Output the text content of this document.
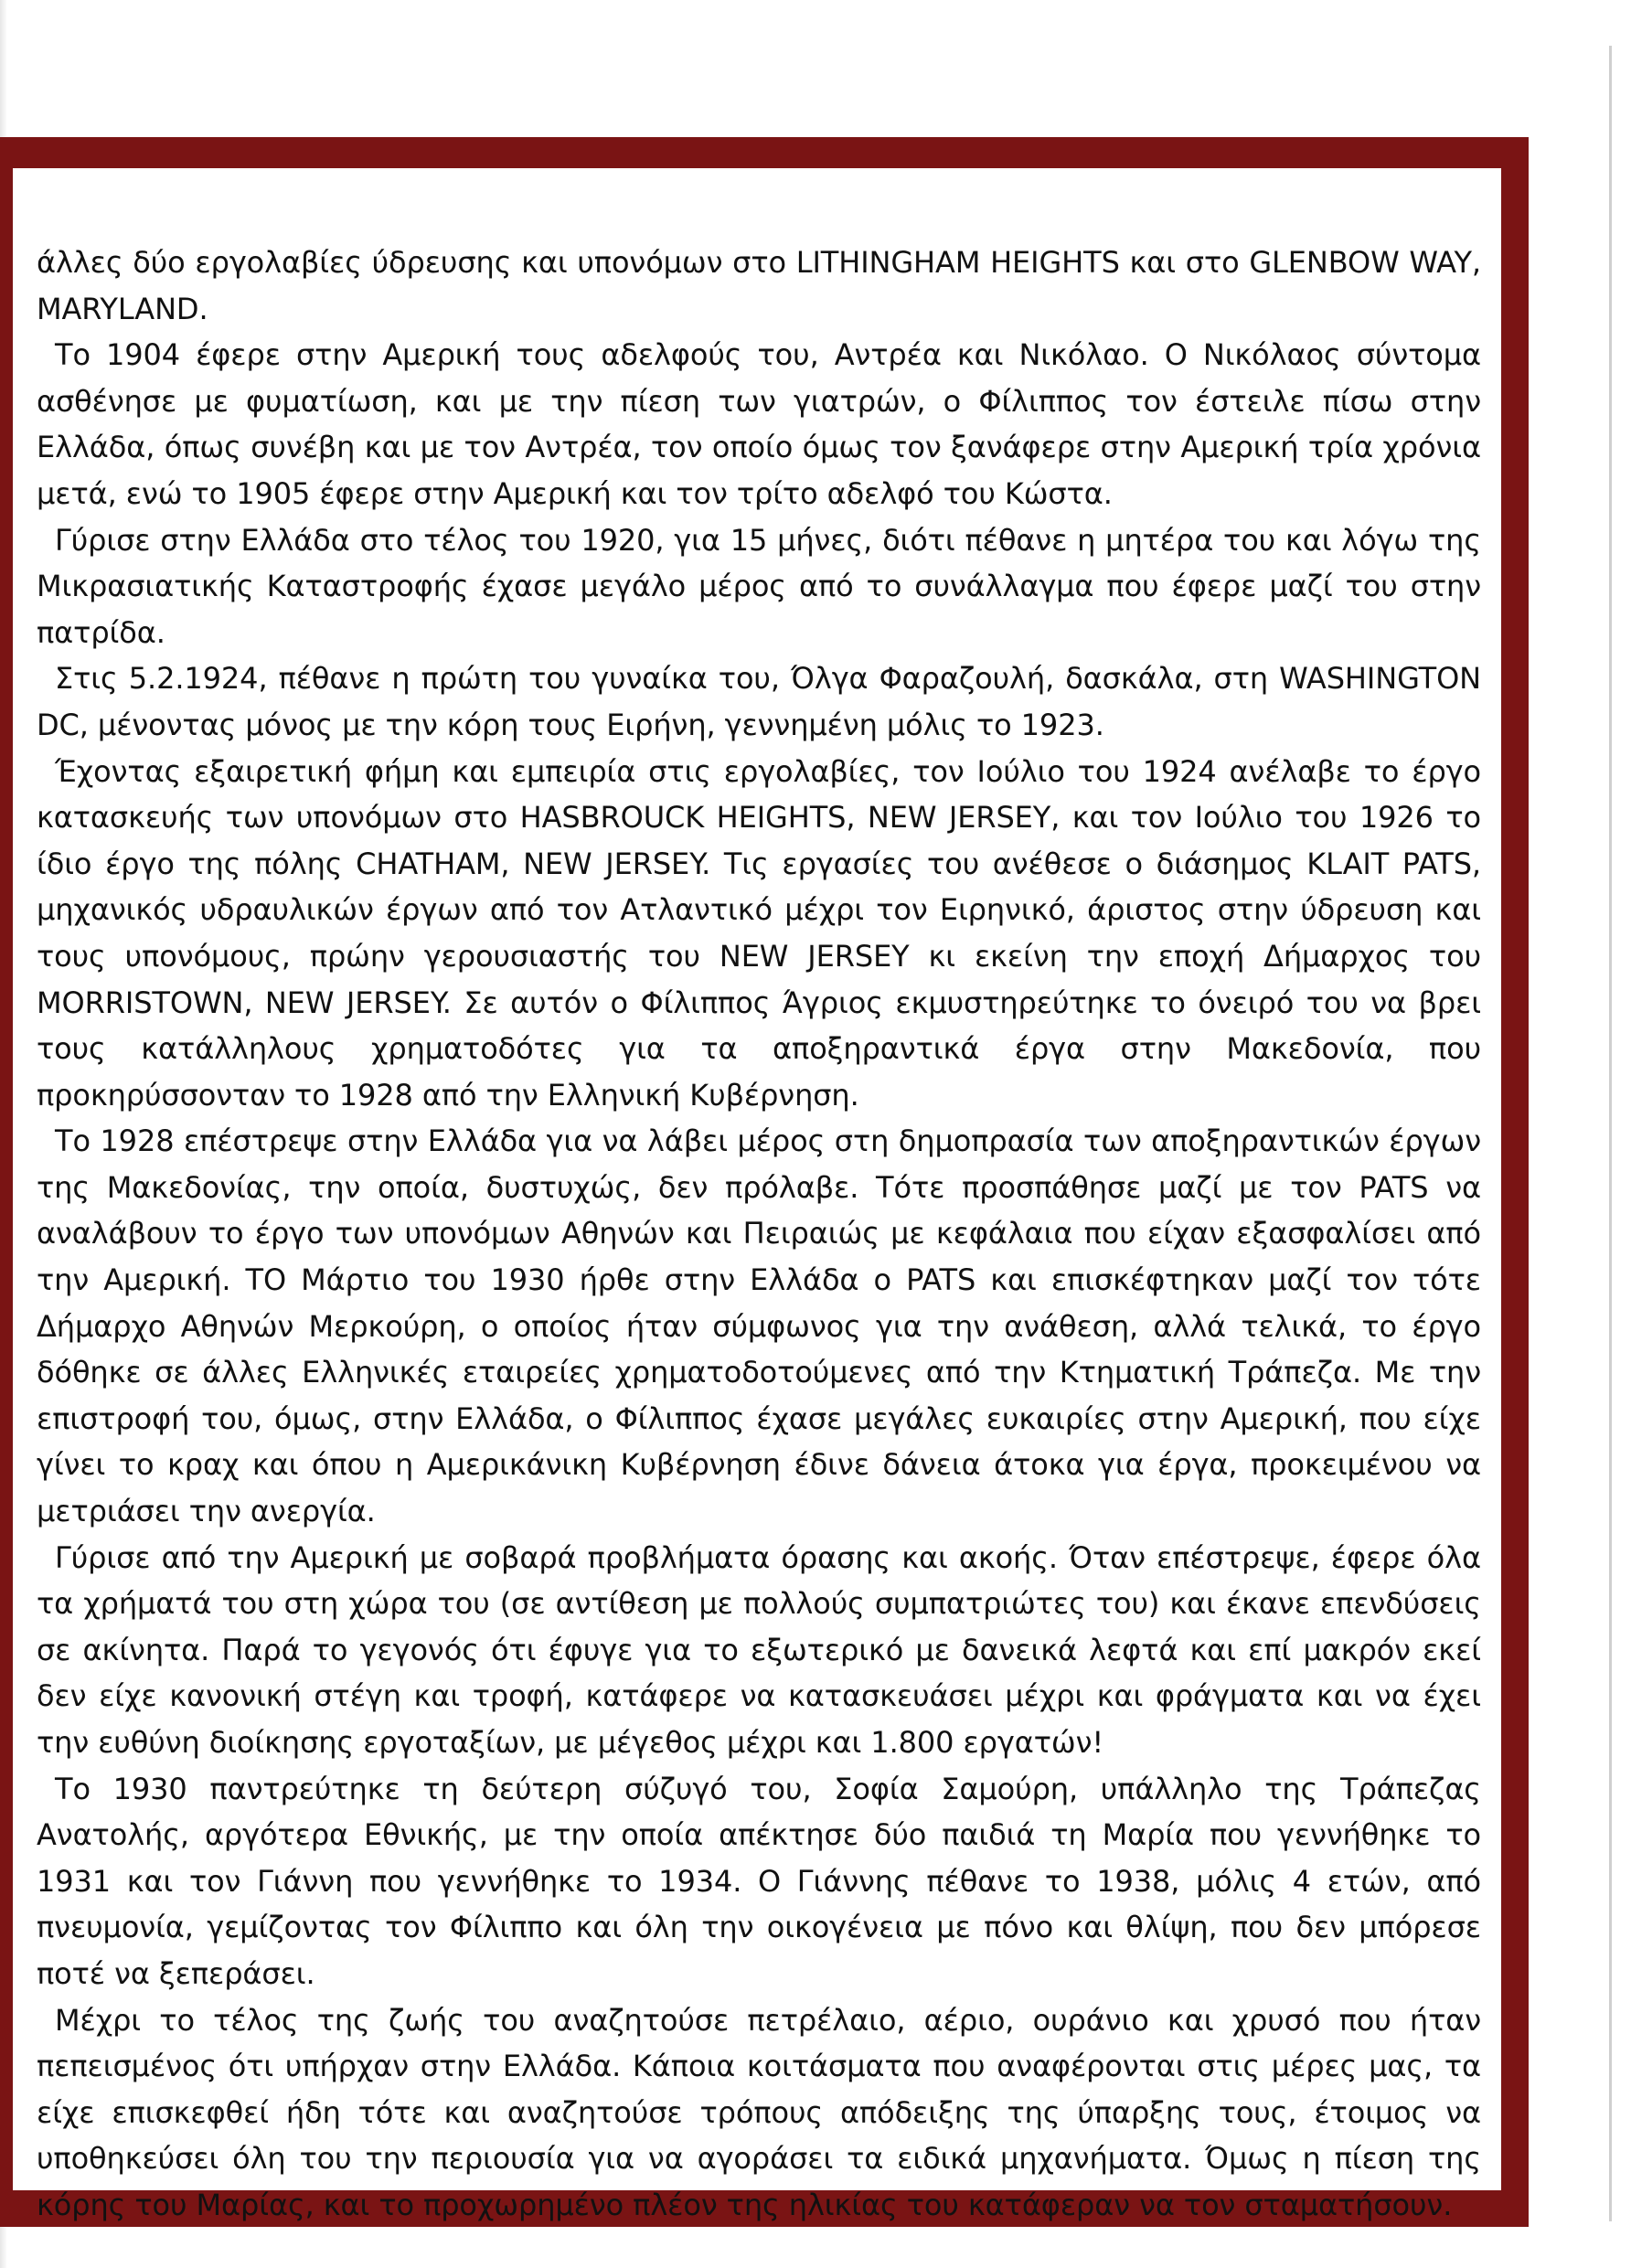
άλλες δύο εργολαβίες ύδρευσης και υπονόμων στο LITHINGHAM HEIGHTS και στο GLENBOW WAY, MARYLAND.

Το 1904 έφερε στην Αμερική τους αδελφούς του, Αντρέα και Νικόλαο. Ο Νικόλαος σύντομα ασθένησε με φυματίωση, και με την πίεση των γιατρών, ο Φίλιππος τον έστειλε πίσω στην Ελλάδα, όπως συνέβη και με τον Αντρέα, τον οποίο όμως τον ξανάφερε στην Αμερική τρία χρόνια μετά, ενώ το 1905 έφερε στην Αμερική και τον τρίτο αδελφό του Κώστα.

Γύρισε στην Ελλάδα στο τέλος του 1920, για 15 μήνες, διότι πέθανε η μητέρα του και λόγω της Μικρασιατικής Καταστροφής έχασε μεγάλο μέρος από το συνάλλαγμα που έφερε μαζί του στην πατρίδα.

Στις 5.2.1924, πέθανε η πρώτη του γυναίκα του, Όλγα Φαραζουλή, δασκάλα, στη WASHINGTON DC, μένοντας μόνος με την κόρη τους Ειρήνη, γεννημένη μόλις το 1923.

Έχοντας εξαιρετική φήμη και εμπειρία στις εργολαβίες, τον Ιούλιο του 1924 ανέλαβε το έργο κατασκευής των υπονόμων στο HASBROUCK HEIGHTS, NEW JERSEY, και τον Ιούλιο του 1926 το ίδιο έργο της πόλης CHATHAM, NEW JERSEY. Τις εργασίες του ανέθεσε ο διάσημος KLAIT PATS, μηχανικός υδραυλικών έργων από τον Ατλαντικό μέχρι τον Ειρηνικό, άριστος στην ύδρευση και τους υπονόμους, πρώην γερουσιαστής του NEW JERSEY κι εκείνη την εποχή Δήμαρχος του MORRISTOWN, NEW JERSEY. Σε αυτόν ο Φίλιππος Άγριος εκμυστηρεύτηκε το όνειρό του να βρει τους κατάλληλους χρηματοδότες για τα αποξηραντικά έργα στην Μακεδονία, που προκηρύσσονταν το 1928 από την Ελληνική Κυβέρνηση.

Το 1928 επέστρεψε στην Ελλάδα για να λάβει μέρος στη δημοπρασία των αποξηραντικών έργων της Μακεδονίας, την οποία, δυστυχώς, δεν πρόλαβε. Τότε προσπάθησε μαζί με τον PATS να αναλάβουν το έργο των υπονόμων Αθηνών και Πειραιώς με κεφάλαια που είχαν εξασφαλίσει από την Αμερική. ΤΟ Μάρτιο του 1930 ήρθε στην Ελλάδα ο PATS και επισκέφτηκαν μαζί τον τότε Δήμαρχο Αθηνών Μερκούρη, ο οποίος ήταν σύμφωνος για την ανάθεση, αλλά τελικά, το έργο δόθηκε σε άλλες Ελληνικές εταιρείες χρηματοδοτούμενες από την Κτηματική Τράπεζα. Με την επιστροφή του, όμως, στην Ελλάδα, ο Φίλιππος έχασε μεγάλες ευκαιρίες στην Αμερική, που είχε γίνει το κραχ και όπου η Αμερικάνικη Κυβέρνηση έδινε δάνεια άτοκα για έργα, προκειμένου να μετριάσει την ανεργία.

Γύρισε από την Αμερική με σοβαρά προβλήματα όρασης και ακοής. Όταν επέστρεψε, έφερε όλα τα χρήματά του στη χώρα του (σε αντίθεση με πολλούς συμπατριώτες του) και έκανε επενδύσεις σε ακίνητα. Παρά το γεγονός ότι έφυγε για το εξωτερικό με δανεικά λεφτά και επί μακρόν εκεί δεν είχε κανονική στέγη και τροφή, κατάφερε να κατασκευάσει μέχρι και φράγματα και να έχει την ευθύνη διοίκησης εργοταξίων, με μέγεθος μέχρι και 1.800 εργατών!

Το 1930 παντρεύτηκε τη δεύτερη σύζυγό του, Σοφία Σαμούρη, υπάλληλο της Τράπεζας Ανατολής, αργότερα Εθνικής, με την οποία απέκτησε δύο παιδιά τη Μαρία που γεννήθηκε το 1931 και τον Γιάννη που γεννήθηκε το 1934. Ο Γιάννης πέθανε το 1938, μόλις 4 ετών, από πνευμονία, γεμίζοντας τον Φίλιππο και όλη την οικογένεια με πόνο και θλίψη, που δεν μπόρεσε ποτέ να ξεπεράσει.

Μέχρι το τέλος της ζωής του αναζητούσε πετρέλαιο, αέριο, ουράνιο και χρυσό που ήταν πεπεισμένος ότι υπήρχαν στην Ελλάδα. Κάποια κοιτάσματα που αναφέρονται στις μέρες μας, τα είχε επισκεφθεί ήδη τότε και αναζητούσε τρόπους απόδειξης της ύπαρξης τους, έτοιμος να υποθηκεύσει όλη του την περιουσία για να αγοράσει τα ειδικά μηχανήματα. Όμως η πίεση της κόρης του Μαρίας, και το προχωρημένο πλέον της ηλικίας του κατάφεραν να τον σταματήσουν.
